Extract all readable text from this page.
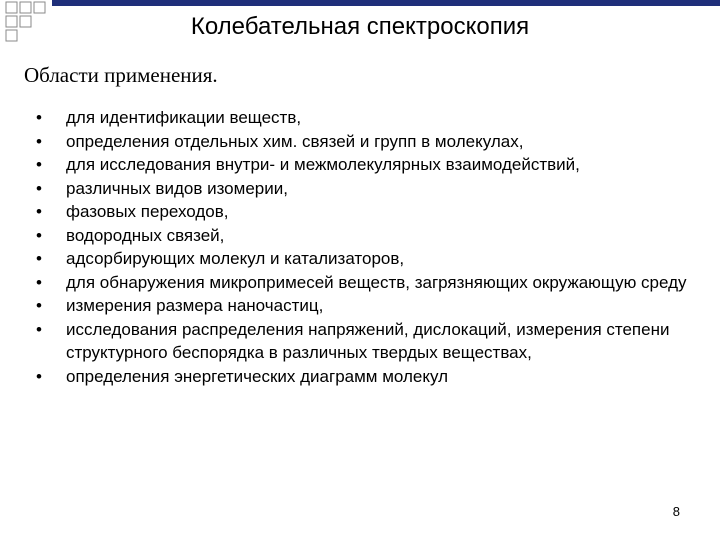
Колебательная спектроскопия
Области применения.
•	для идентификации веществ,
•	определения отдельных хим. связей и групп в молекулах,
•	для исследования внутри- и межмолекулярных взаимодействий,
•	различных видов изомерии,
•	фазовых переходов,
•	водородных связей,
•	адсорбирующих молекул и катализаторов,
•	для обнаружения микропримесей веществ, загрязняющих окружающую среду
•	измерения размера наночастиц,
•	исследования распределения напряжений, дислокаций, измерения степени структурного беспорядка в различных твердых веществах,
•	определения энергетических диаграмм молекул
8
